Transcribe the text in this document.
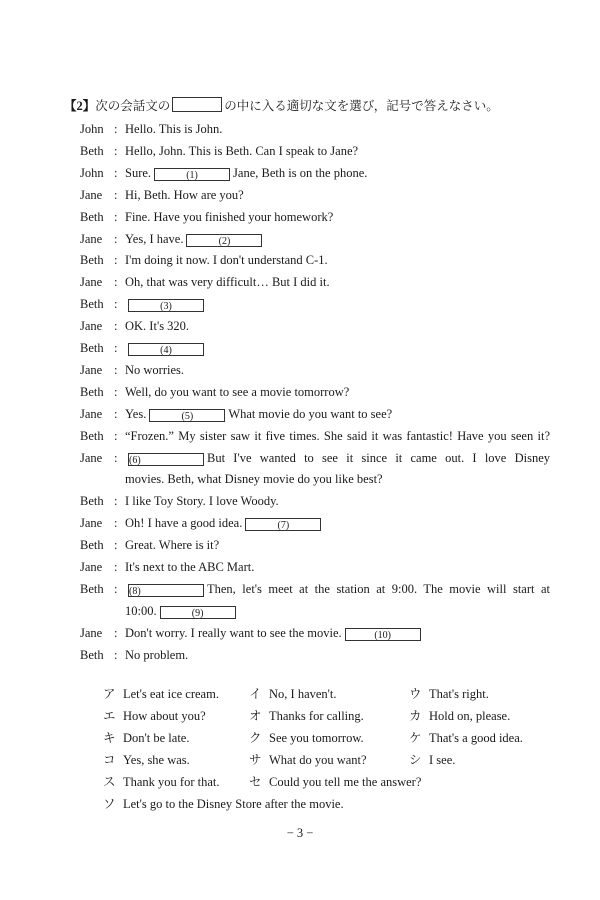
【2】次の会話文の	の中に入る適切な文を選び，記号で答えなさい。
John : Hello. This is John.
Beth : Hello, John. This is Beth. Can I speak to Jane?
John : Sure.	(1)	Jane, Beth is on the phone.
Jane : Hi, Beth. How are you?
Beth : Fine. Have you finished your homework?
Jane : Yes, I have.	(2)
Beth : I'm doing it now. I don't understand C-1.
Jane : Oh, that was very difficult… But I did it.
Beth :	(3)
Jane : OK. It's 320.
Beth :	(4)
Jane : No worries.
Beth : Well, do you want to see a movie tomorrow?
Jane : Yes.	(5)	What movie do you want to see?
Beth : “Frozen.” My sister saw it five times. She said it was fantastic! Have you seen it?
Jane :	(6)	But I've wanted to see it since it came out. I love Disney
movies. Beth, what Disney movie do you like best?
Beth : I like Toy Story. I love Woody.
Jane : Oh! I have a good idea.	(7)
Beth : Great. Where is it?
Jane : It's next to the ABC Mart.
Beth :	(8)	Then, let's meet at the station at 9:00. The movie will start at
10:00.	(9)
Jane : Don't worry. I really want to see the movie.	(10)
Beth : No problem.
ア Let's eat ice cream. イ No, I haven't.	ウ That's right.
エ How about you?	オ Thanks for calling.	カ Hold on, please.
キ Don't be late.	ク See you tomorrow.	ケ That's a good idea.
コ Yes, she was.	サ What do you want?	シ I see.
ス Thank you for that. セ Could you tell me the answer?
ソ Let's go to the Disney Store after the movie.
− 3 −
